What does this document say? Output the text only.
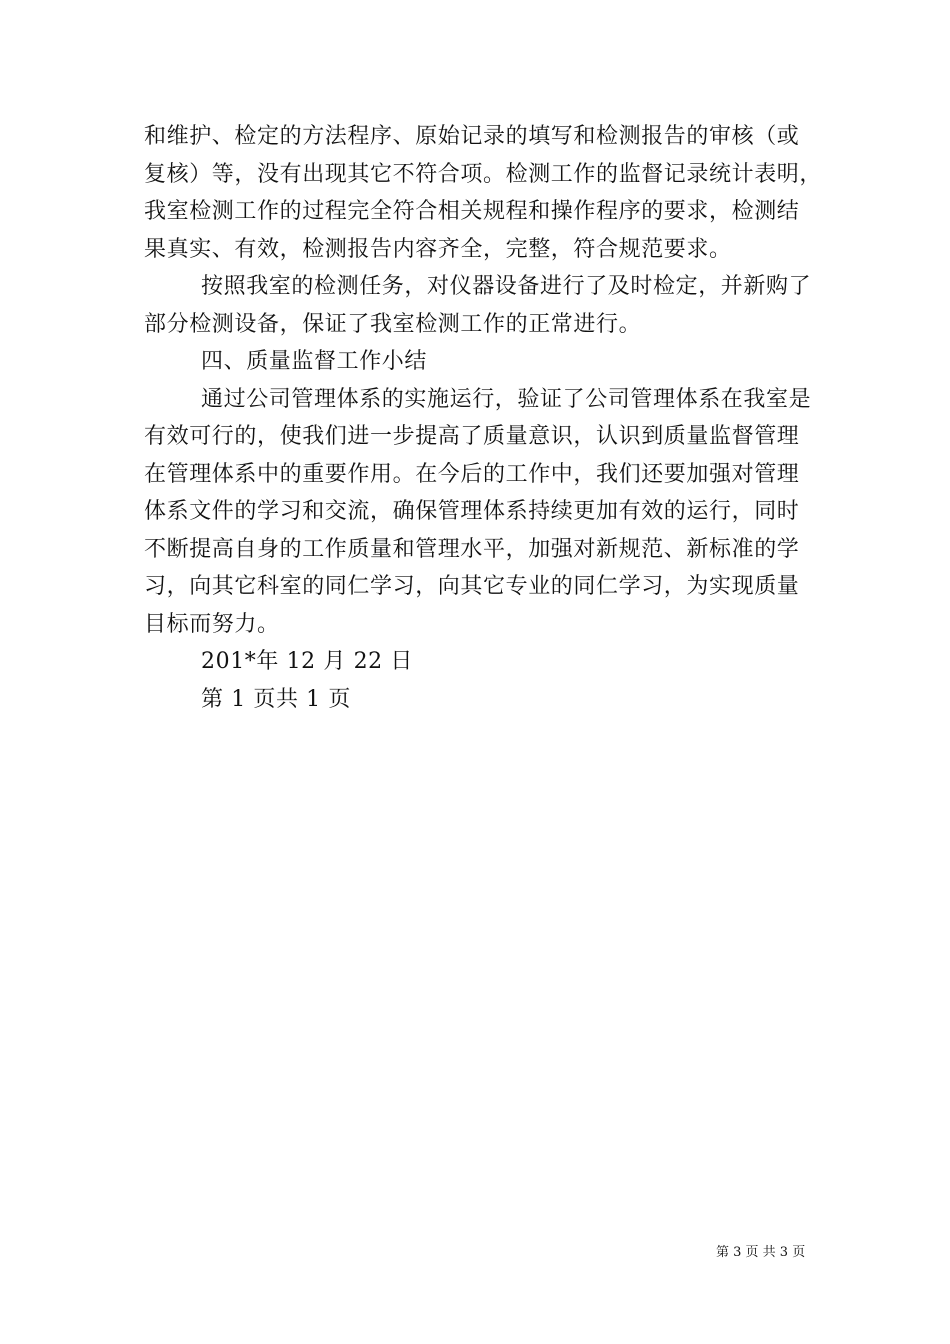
和维护、检定的方法程序、原始记录的填写和检测报告的审核（或
复核）等，没有出现其它不符合项。检测工作的监督记录统计表明，
我室检测工作的过程完全符合相关规程和操作程序的要求，检测结
果真实、有效，检测报告内容齐全，完整，符合规范要求。
按照我室的检测任务，对仪器设备进行了及时检定，并新购了
部分检测设备，保证了我室检测工作的正常进行。
四、质量监督工作小结
通过公司管理体系的实施运行，验证了公司管理体系在我室是
有效可行的，使我们进一步提高了质量意识，认识到质量监督管理
在管理体系中的重要作用。在今后的工作中，我们还要加强对管理
体系文件的学习和交流，确保管理体系持续更加有效的运行，同时
不断提高自身的工作质量和管理水平，加强对新规范、新标准的学
习，向其它科室的同仁学习，向其它专业的同仁学习，为实现质量
目标而努力。
201*年 12 月 22 日
第 1 页共 1 页
第 3 页 共 3 页
